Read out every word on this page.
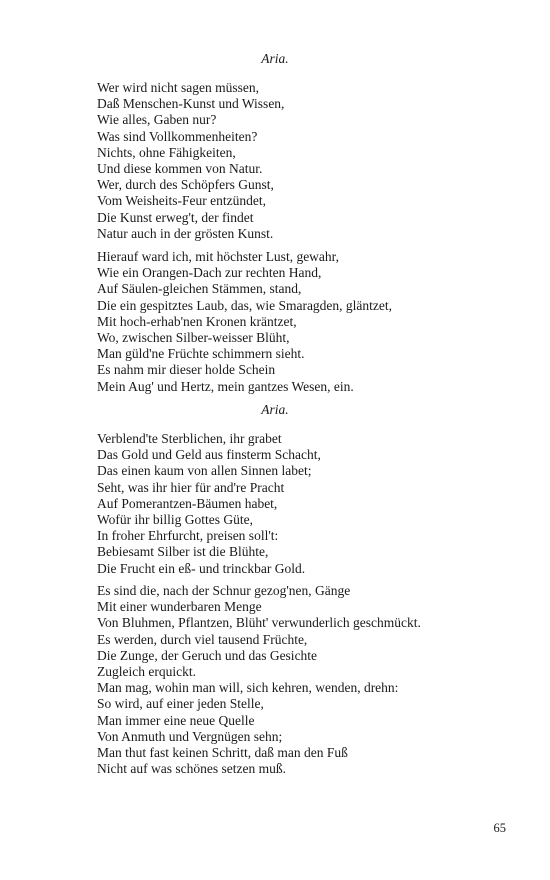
Aria.

Wer wird nicht sagen müssen,
Daß Menschen-Kunst und Wissen,
Wie alles, Gaben nur?
Was sind Vollkommenheiten?
Nichts, ohne Fähigkeiten,
Und diese kommen von Natur.
Wer, durch des Schöpfers Gunst,
Vom Weisheits-Feur entzündet,
Die Kunst erweg't, der findet
Natur auch in der grösten Kunst.
Hierauf ward ich, mit höchster Lust, gewahr,
Wie ein Orangen-Dach zur rechten Hand,
Auf Säulen-gleichen Stämmen, stand,
Die ein gespitztes Laub, das, wie Smaragden, gläntzet,
Mit hoch-erhab'nen Kronen kräntzet,
Wo, zwischen Silber-weisser Blüht,
Man güld'ne Früchte schimmern sieht.
Es nahm mir dieser holde Schein
Mein Aug' und Hertz, mein gantzes Wesen, ein.

Aria.

Verblend'te Sterblichen, ihr grabet
Das Gold und Geld aus finsterm Schacht,
Das einen kaum von allen Sinnen labet;
Seht, was ihr hier für and're Pracht
Auf Pomerantzen-Bäumen habet,
Wofür ihr billig Gottes Güte,
In froher Ehrfurcht, preisen soll't:
Bebiesamt Silber ist die Blühte,
Die Frucht ein eß- und trinckbar Gold.
Es sind die, nach der Schnur gezog'nen, Gänge
Mit einer wunderbaren Menge
Von Bluhmen, Pflantzen, Blüht' verwunderlich geschmückt.
Es werden, durch viel tausend Früchte,
Die Zunge, der Geruch und das Gesichte
Zugleich erquickt.
Man mag, wohin man will, sich kehren, wenden, drehn:
So wird, auf einer jeden Stelle,
Man immer eine neue Quelle
Von Anmuth und Vergnügen sehn;
Man thut fast keinen Schritt, daß man den Fuß
Nicht auf was schönes setzen muß.
65
